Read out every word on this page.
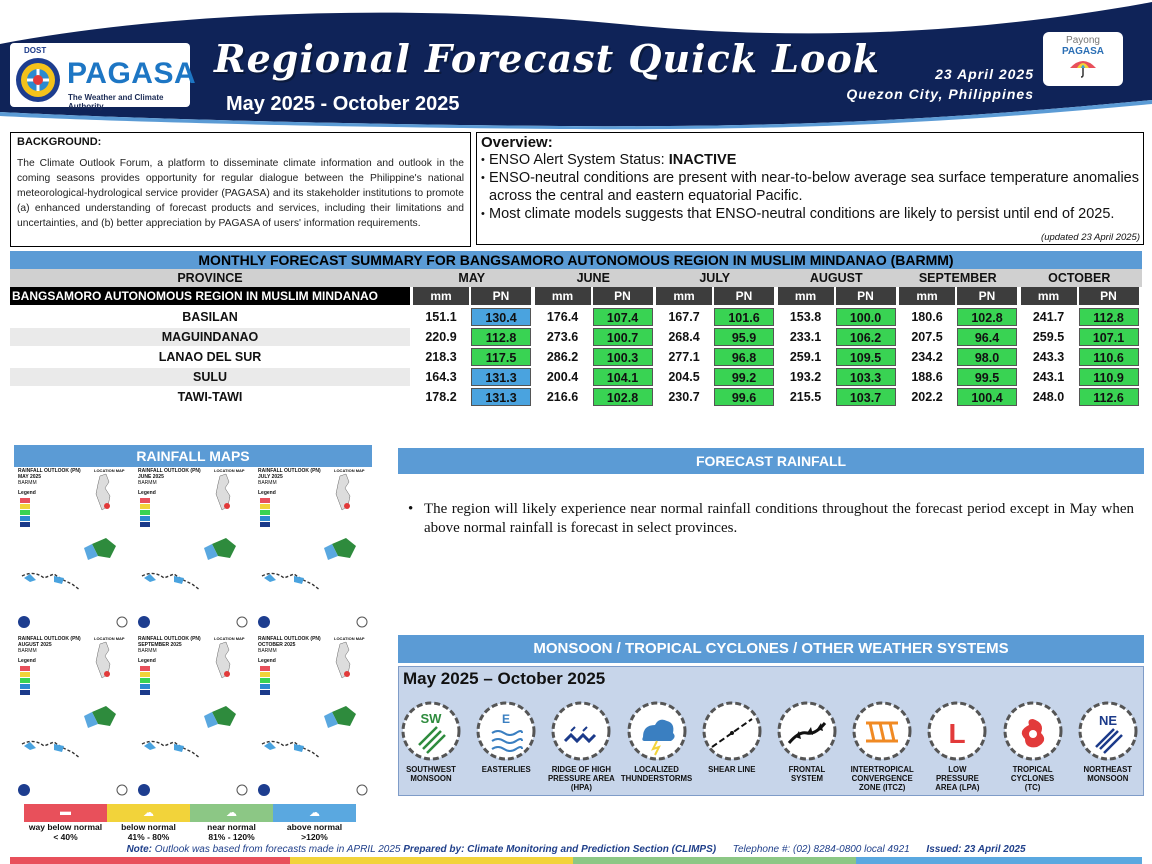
DOST
PAGASA
The Weather and Climate Authority
Regional Forecast Quick Look
May 2025 - October 2025
23 April 2025
Quezon City, Philippines
Payong
PAGASA
BACKGROUND:
The Climate Outlook Forum, a platform to disseminate climate information and outlook in the coming seasons provides opportunity for regular dialogue between the Philippine's national meteorological-hydrological service provider (PAGASA) and its stakeholder institutions to promote (a) enhanced understanding of forecast products and services, including their limitations and uncertainties, and (b) better appreciation by PAGASA of users' information requirements.
Overview:
• ENSO Alert System Status: INACTIVE
• ENSO-neutral conditions are present with near-to-below average sea surface temperature anomalies across the central and eastern equatorial Pacific.
• Most climate models suggests that ENSO-neutral conditions are likely to persist until end of 2025.
(updated 23 April 2025)
MONTHLY FORECAST SUMMARY FOR BANGSAMORO AUTONOMOUS REGION IN MUSLIM MINDANAO (BARMM)
PROVINCE	MAY	JUNE	JULY	AUGUST	SEPTEMBER	OCTOBER
BANGSAMORO AUTONOMOUS REGION IN MUSLIM MINDANAO	mm	PN	mm	PN	mm	PN	mm	PN	mm	PN	mm	PN
BASILAN	151.1	130.4	176.4	107.4	167.7	101.6	153.8	100.0	180.6	102.8	241.7	112.8
MAGUINDANAO	220.9	112.8	273.6	100.7	268.4	95.9	233.1	106.2	207.5	96.4	259.5	107.1
LANAO DEL SUR	218.3	117.5	286.2	100.3	277.1	96.8	259.1	109.5	234.2	98.0	243.3	110.6
SULU	164.3	131.3	200.4	104.1	204.5	99.2	193.2	103.3	188.6	99.5	243.1	110.9
TAWI-TAWI	178.2	131.3	216.6	102.8	230.7	99.6	215.5	103.7	202.2	100.4	248.0	112.6
RAINFALL MAPS
RAINFALL OUTLOOK (PN)
MAY 2025
BARMM
Legend
LOCATION MAP	RAINFALL OUTLOOK (PN)
JUNE 2025
BARMM
Legend
LOCATION MAP	RAINFALL OUTLOOK (PN)
JULY 2025
BARMM
Legend
LOCATION MAP
RAINFALL OUTLOOK (PN)
AUGUST 2025
BARMM
Legend
LOCATION MAP	RAINFALL OUTLOOK (PN)
SEPTEMBER 2025
BARMM
Legend
LOCATION MAP	RAINFALL OUTLOOK (PN)
OCTOBER 2025
BARMM
Legend
LOCATION MAP
▬	☁	☁	☁
way below normal
< 40%
below normal
41% - 80%
near normal
81% - 120%
above normal
>120%
FORECAST RAINFALL
• The region will likely experience near normal rainfall conditions throughout the forecast period except in May when above normal rainfall is forecast in select provinces.
MONSOON / TROPICAL CYCLONES / OTHER WEATHER SYSTEMS
May 2025 – October 2025
SW
SOUTHWEST
MONSOON
E
EASTERLIES	RIDGE OF HIGH
PRESSURE AREA
(HPA)
LOCALIZED
THUNDERSTORMS
SHEAR LINE	FRONTAL
SYSTEM
INTERTROPICAL
CONVERGENCE
ZONE (ITCZ)
L
LOW
PRESSURE
AREA (LPA)
TROPICAL
CYCLONES
(TC)
NE
NORTHEAST
MONSOON
Note: Outlook was based from forecasts made in APRIL 2025 Prepared by: Climate Monitoring and Prediction Section (CLIMPS) Telephone #: (02) 8284-0800 local 4921 Issued: 23 April 2025
